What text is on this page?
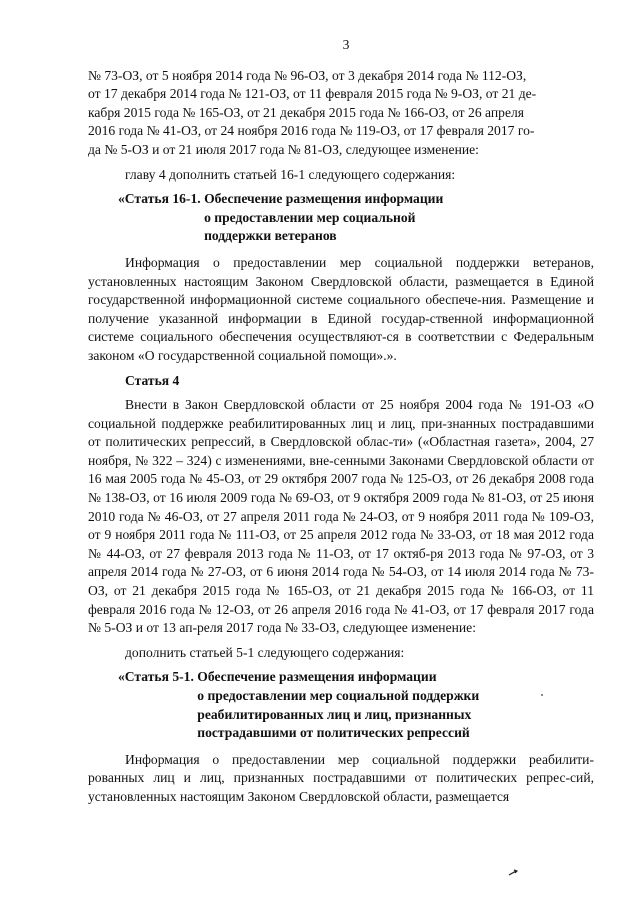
3
№ 73-ОЗ, от 5 ноября 2014 года № 96-ОЗ, от 3 декабря 2014 года № 112-ОЗ,
от 17 декабря 2014 года № 121-ОЗ, от 11 февраля 2015 года № 9-ОЗ, от 21 де-
кабря 2015 года № 165-ОЗ, от 21 декабря 2015 года № 166-ОЗ, от 26 апреля
2016 года № 41-ОЗ, от 24 ноября 2016 года № 119-ОЗ, от 17 февраля 2017 го-
да № 5-ОЗ и от 21 июля 2017 года № 81-ОЗ, следующее изменение:

главу 4 дополнить статьей 16-1 следующего содержания:

«Статья 16-1. Обеспечение размещения информации
о предоставлении мер социальной
поддержки ветеранов

Информация о предоставлении мер социальной поддержки ветеранов, установленных настоящим Законом Свердловской области, размещается в Единой государственной информационной системе социального обеспече-ния. Размещение и получение указанной информации в Единой государ-ственной информационной системе социального обеспечения осуществляют-ся в соответствии с Федеральным законом «О государственной социальной помощи».».

Статья 4

Внести в Закон Свердловской области от 25 ноября 2004 года № 191-ОЗ «О социальной поддержке реабилитированных лиц и лиц, при-знанных пострадавшими от политических репрессий, в Свердловской облас-ти» («Областная газета», 2004, 27 ноября, № 322 – 324) с изменениями, вне-сенными Законами Свердловской области от 16 мая 2005 года № 45-ОЗ, от 29 октября 2007 года № 125-ОЗ, от 26 декабря 2008 года № 138-ОЗ, от 16 июля 2009 года № 69-ОЗ, от 9 октября 2009 года № 81-ОЗ, от 25 июня 2010 года № 46-ОЗ, от 27 апреля 2011 года № 24-ОЗ, от 9 ноября 2011 года № 109-ОЗ, от 9 ноября 2011 года № 111-ОЗ, от 25 апреля 2012 года № 33-ОЗ, от 18 мая 2012 года № 44-ОЗ, от 27 февраля 2013 года № 11-ОЗ, от 17 октяб-ря 2013 года № 97-ОЗ, от 3 апреля 2014 года № 27-ОЗ, от 6 июня 2014 года № 54-ОЗ, от 14 июля 2014 года № 73-ОЗ, от 21 декабря 2015 года № 165-ОЗ, от 21 декабря 2015 года № 166-ОЗ, от 11 февраля 2016 года № 12-ОЗ, от 26 апреля 2016 года № 41-ОЗ, от 17 февраля 2017 года № 5-ОЗ и от 13 ап-реля 2017 года № 33-ОЗ, следующее изменение:

дополнить статьей 5-1 следующего содержания:

«Статья 5-1. Обеспечение размещения информации
о предоставлении мер социальной поддержки
реабилитированных лиц и лиц, признанных
пострадавшими от политических репрессий

Информация о предоставлении мер социальной поддержки реабилити-рованных лиц и лиц, признанных пострадавшими от политических репрес-сий, установленных настоящим Законом Свердловской области, размещается
